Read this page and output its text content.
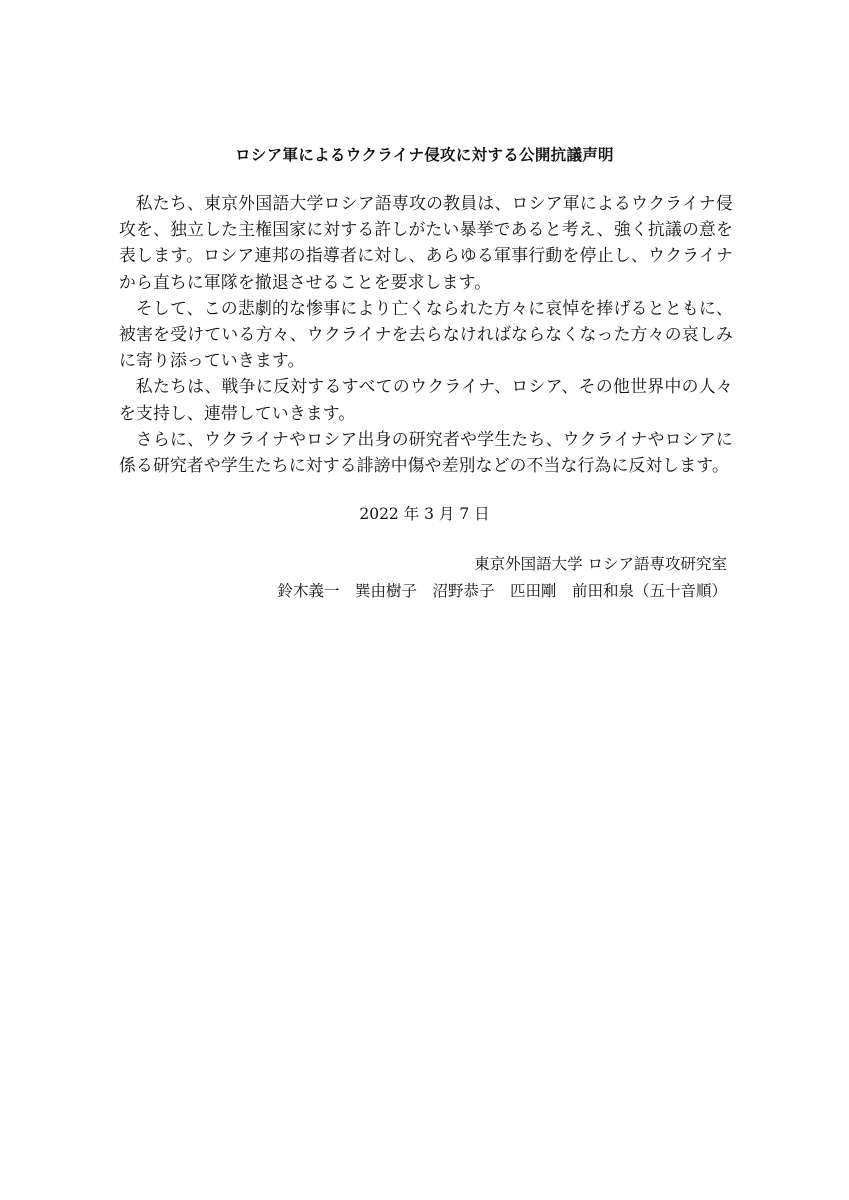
ロシア軍によるウクライナ侵攻に対する公開抗議声明

私たち、東京外国語大学ロシア語専攻の教員は、ロシア軍によるウクライナ侵攻を、独立した主権国家に対する許しがたい暴挙であると考え、強く抗議の意を表します。ロシア連邦の指導者に対し、あらゆる軍事行動を停止し、ウクライナから直ちに軍隊を撤退させることを要求します。

そして、この悲劇的な惨事により亡くなられた方々に哀悼を捧げるとともに、被害を受けている方々、ウクライナを去らなければならなくなった方々の哀しみに寄り添っていきます。

私たちは、戦争に反対するすべてのウクライナ、ロシア、その他世界中の人々を支持し、連帯していきます。

さらに、ウクライナやロシア出身の研究者や学生たち、ウクライナやロシアに係る研究者や学生たちに対する誹謗中傷や差別などの不当な行為に反対します。

2022 年 3 月 7 日
東京外国語大学 ロシア語専攻研究室
鈴木義一　巽由樹子　沼野恭子　匹田剛　前田和泉（五十音順）
